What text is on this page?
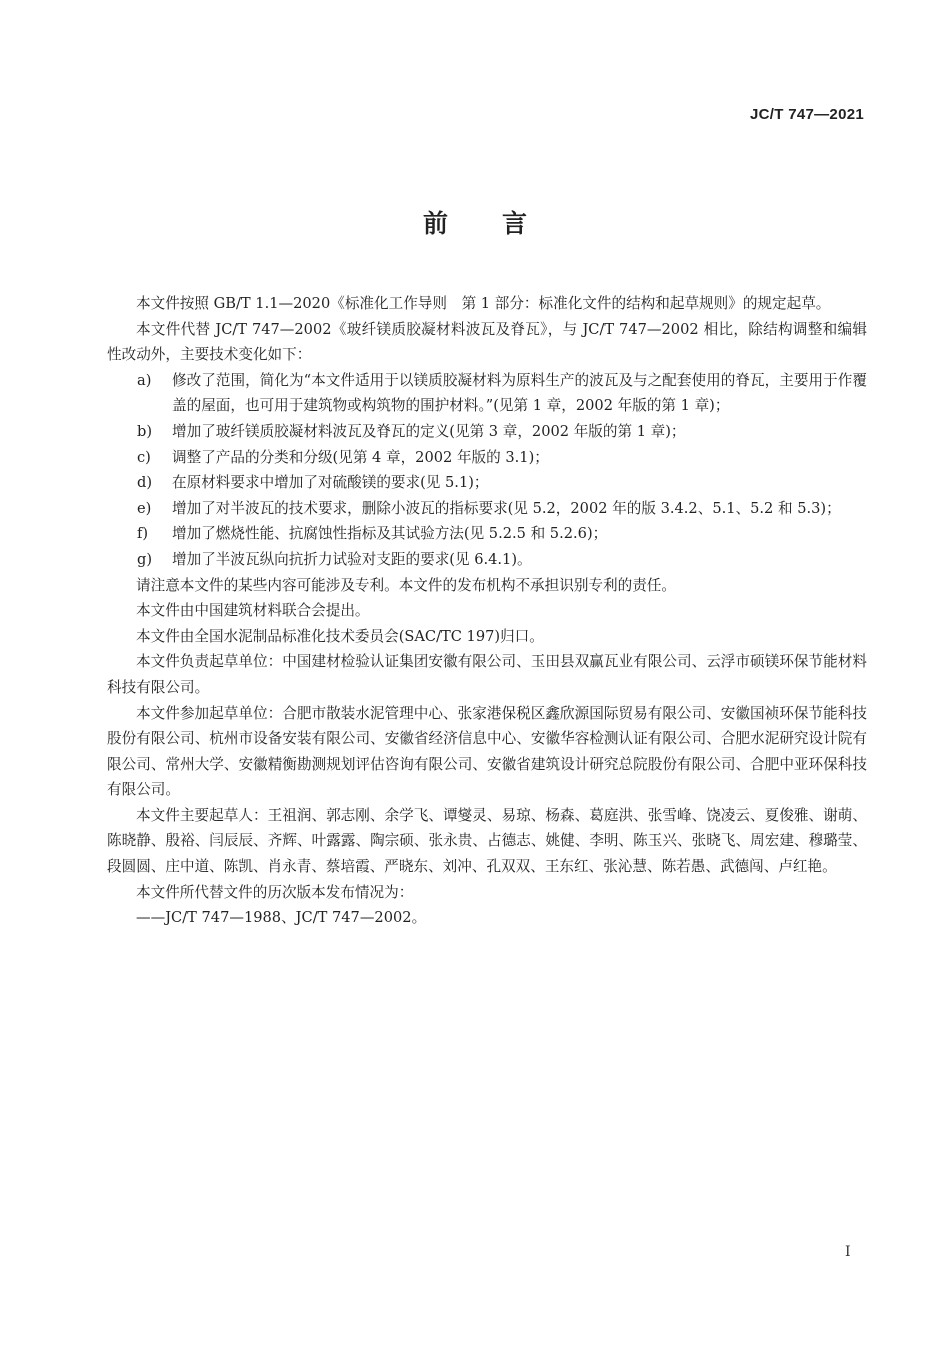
JC/T 747—2021
前言

本文件按照 GB/T 1.1—2020《标准化工作导则　第 1 部分：标准化文件的结构和起草规则》的规定起草。

本文件代替 JC/T 747—2002《玻纤镁质胶凝材料波瓦及脊瓦》，与 JC/T 747—2002 相比，除结构调整和编辑性改动外，主要技术变化如下：

a)	修改了范围，简化为“本文件适用于以镁质胶凝材料为原料生产的波瓦及与之配套使用的脊瓦，主要用于作覆盖的屋面，也可用于建筑物或构筑物的围护材料。”(见第 1 章，2002 年版的第 1 章)；
b)	增加了玻纤镁质胶凝材料波瓦及脊瓦的定义(见第 3 章，2002 年版的第 1 章)；
c)	调整了产品的分类和分级(见第 4 章，2002 年版的 3.1)；
d)	在原材料要求中增加了对硫酸镁的要求(见 5.1)；
e)	增加了对半波瓦的技术要求，删除小波瓦的指标要求(见 5.2，2002 年的版 3.4.2、5.1、5.2 和 5.3)；
f)	增加了燃烧性能、抗腐蚀性指标及其试验方法(见 5.2.5 和 5.2.6)；
g)	增加了半波瓦纵向抗折力试验对支距的要求(见 6.4.1)。

请注意本文件的某些内容可能涉及专利。本文件的发布机构不承担识别专利的责任。

本文件由中国建筑材料联合会提出。

本文件由全国水泥制品标准化技术委员会(SAC/TC 197)归口。

本文件负责起草单位：中国建材检验认证集团安徽有限公司、玉田县双赢瓦业有限公司、云浮市硕镁环保节能材料科技有限公司。

本文件参加起草单位：合肥市散装水泥管理中心、张家港保税区鑫欣源国际贸易有限公司、安徽国祯环保节能科技股份有限公司、杭州市设备安装有限公司、安徽省经济信息中心、安徽华容检测认证有限公司、合肥水泥研究设计院有限公司、常州大学、安徽精衡勘测规划评估咨询有限公司、安徽省建筑设计研究总院股份有限公司、合肥中亚环保科技有限公司。

本文件主要起草人：王祖润、郭志刚、余学飞、谭燮灵、易琼、杨森、葛庭洪、张雪峰、饶凌云、夏俊雅、谢萌、陈晓静、殷裕、闫辰辰、齐辉、叶露露、陶宗硕、张永贵、占德志、姚健、李明、陈玉兴、张晓飞、周宏建、穆璐莹、段圆圆、庄中道、陈凯、肖永青、蔡培霞、严晓东、刘冲、孔双双、王东红、张沁慧、陈若愚、武德闯、卢红艳。

本文件所代替文件的历次版本发布情况为：

——JC/T 747—1988、JC/T 747—2002。

I
